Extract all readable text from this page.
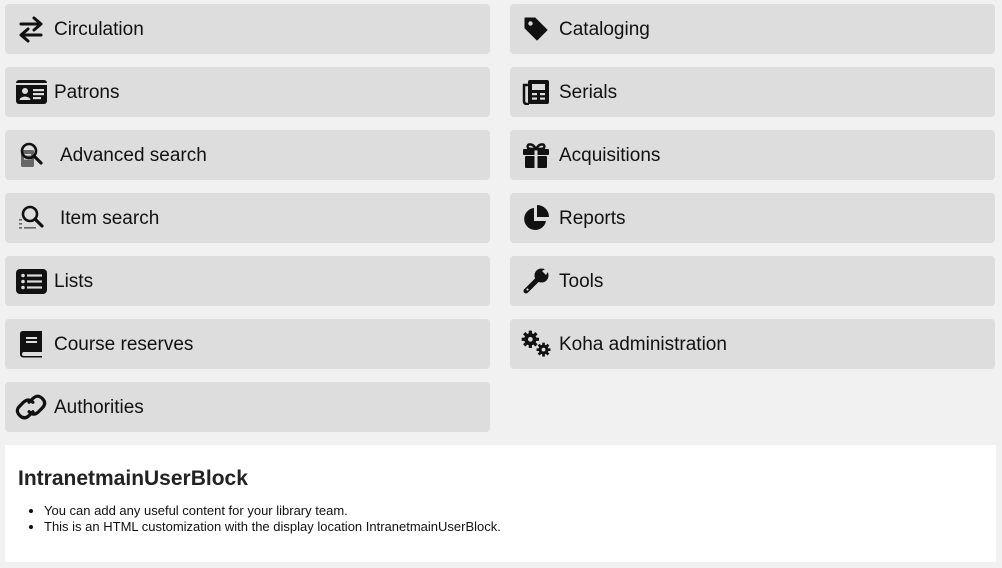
Circulation	Cataloging
Patrons	Serials
Advanced search	Acquisitions
Item search	Reports
Lists	Tools
Course reserves	Koha administration
Authorities
IntranetmainUserBlock
• You can add any useful content for your library team.
• This is an HTML customization with the display location IntranetmainUserBlock.
